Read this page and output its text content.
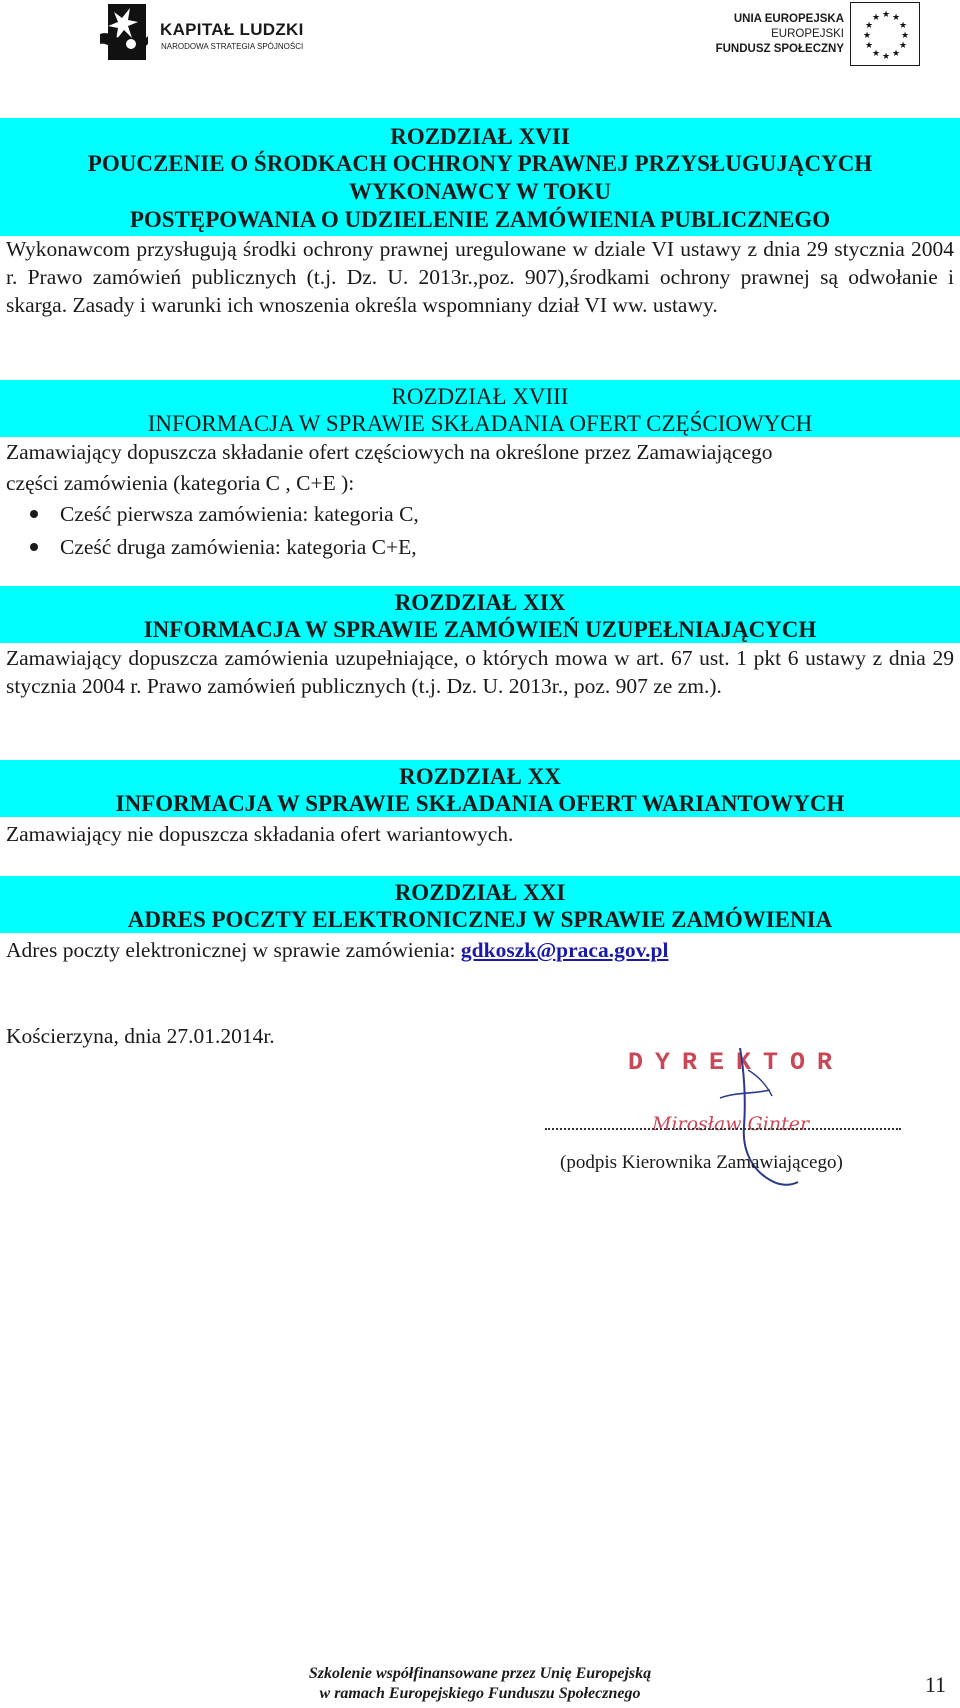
KAPITAŁ LUDZKI
NARODOWA STRATEGIA SPÓJNOŚCI
UNIA EUROPEJSKA
EUROPEJSKI
FUNDUSZ SPOŁECZNY
★ ★
★
★
★
★
★
★
★
★
★
★
ROZDZIAŁ XVII
POUCZENIE O ŚRODKACH OCHRONY PRAWNEJ PRZYSŁUGUJĄCYCH
WYKONAWCY W TOKU
POSTĘPOWANIA O UDZIELENIE ZAMÓWIENIA PUBLICZNEGO
Wykonawcom przysługują środki ochrony prawnej uregulowane w dziale VI ustawy z dnia 29 stycznia 2004 r. Prawo zamówień publicznych (t.j. Dz. U. 2013r.,poz. 907),środkami ochrony prawnej są odwołanie i skarga. Zasady i warunki ich wnoszenia określa wspomniany dział VI ww. ustawy.
ROZDZIAŁ XVIII
INFORMACJA W SPRAWIE SKŁADANIA OFERT CZĘŚCIOWYCH
Zamawiający dopuszcza składanie ofert częściowych na określone przez Zamawiającego
części zamówienia (kategoria C , C+E ):
Cześć pierwsza zamówienia: kategoria C,
Cześć druga zamówienia: kategoria C+E,
ROZDZIAŁ XIX
INFORMACJA W SPRAWIE ZAMÓWIEŃ UZUPEŁNIAJĄCYCH
Zamawiający dopuszcza zamówienia uzupełniające, o których mowa w art. 67 ust. 1 pkt 6 ustawy z dnia 29 stycznia 2004 r. Prawo zamówień publicznych (t.j. Dz. U. 2013r., poz. 907 ze zm.).
ROZDZIAŁ XX
INFORMACJA W SPRAWIE SKŁADANIA OFERT WARIANTOWYCH
Zamawiający nie dopuszcza składania ofert wariantowych.
ROZDZIAŁ XXI
ADRES POCZTY ELEKTRONICZNEJ W SPRAWIE ZAMÓWIENIA
Adres poczty elektronicznej w sprawie zamówienia: gdkoszk@praca.gov.pl
Kościerzyna, dnia 27.01.2014r.
DYREKTOR
Mirosław Ginter
(podpis Kierownika Zamawiającego)
Szkolenie współfinansowane przez Unię Europejską
w ramach Europejskiego Funduszu Społecznego	11
